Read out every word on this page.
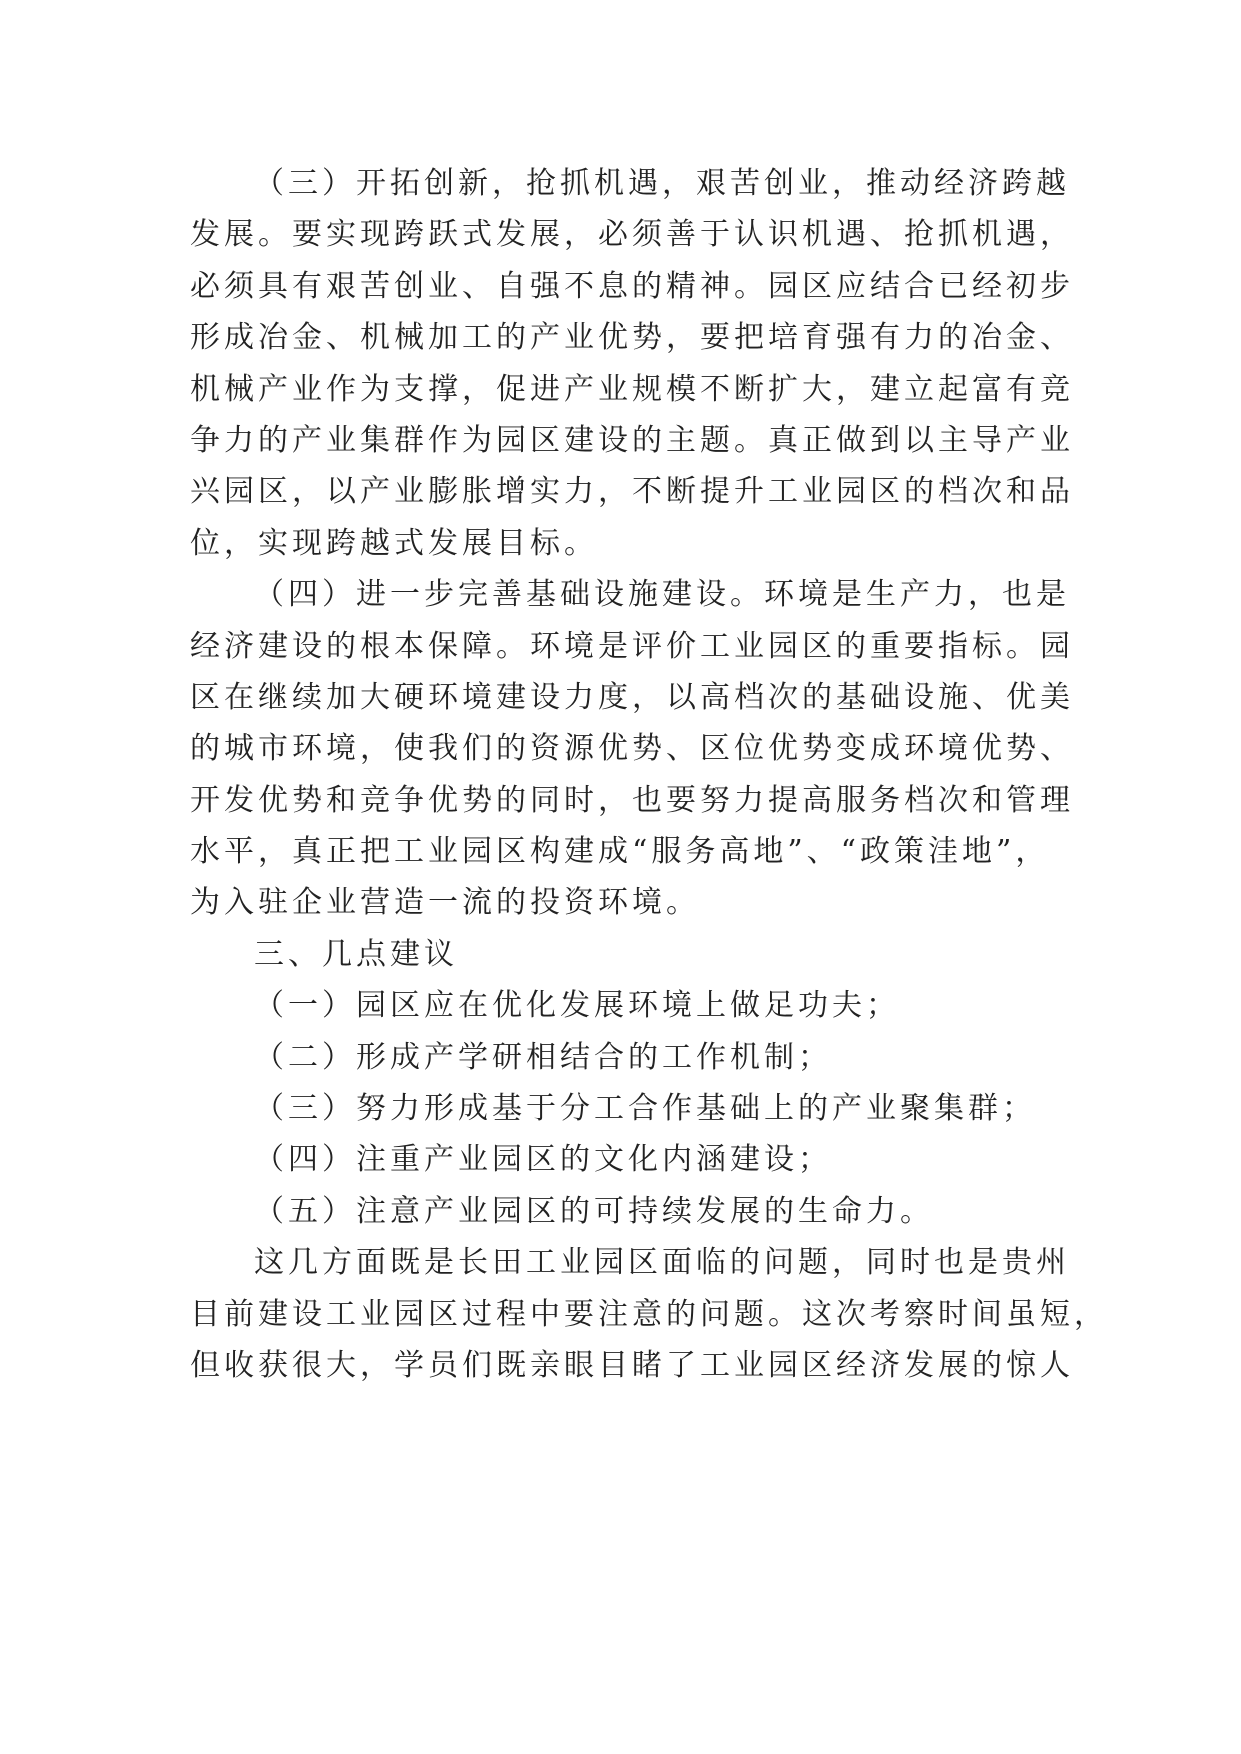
（三）开拓创新，抢抓机遇，艰苦创业，推动经济跨越
发展。要实现跨跃式发展，必须善于认识机遇、抢抓机遇，
必须具有艰苦创业、自强不息的精神。园区应结合已经初步
形成冶金、机械加工的产业优势，要把培育强有力的冶金、
机械产业作为支撑，促进产业规模不断扩大，建立起富有竞
争力的产业集群作为园区建设的主题。真正做到以主导产业
兴园区，以产业膨胀增实力，不断提升工业园区的档次和品
位，实现跨越式发展目标。
（四）进一步完善基础设施建设。环境是生产力，也是
经济建设的根本保障。环境是评价工业园区的重要指标。园
区在继续加大硬环境建设力度，以高档次的基础设施、优美
的城市环境，使我们的资源优势、区位优势变成环境优势、
开发优势和竞争优势的同时，也要努力提高服务档次和管理
水平，真正把工业园区构建成“服务高地”、“政策洼地”，
为入驻企业营造一流的投资环境。
三、几点建议
（一）园区应在优化发展环境上做足功夫；
（二）形成产学研相结合的工作机制；
（三）努力形成基于分工合作基础上的产业聚集群；
（四）注重产业园区的文化内涵建设；
（五）注意产业园区的可持续发展的生命力。
这几方面既是长田工业园区面临的问题，同时也是贵州
目前建设工业园区过程中要注意的问题。这次考察时间虽短，
但收获很大，学员们既亲眼目睹了工业园区经济发展的惊人
